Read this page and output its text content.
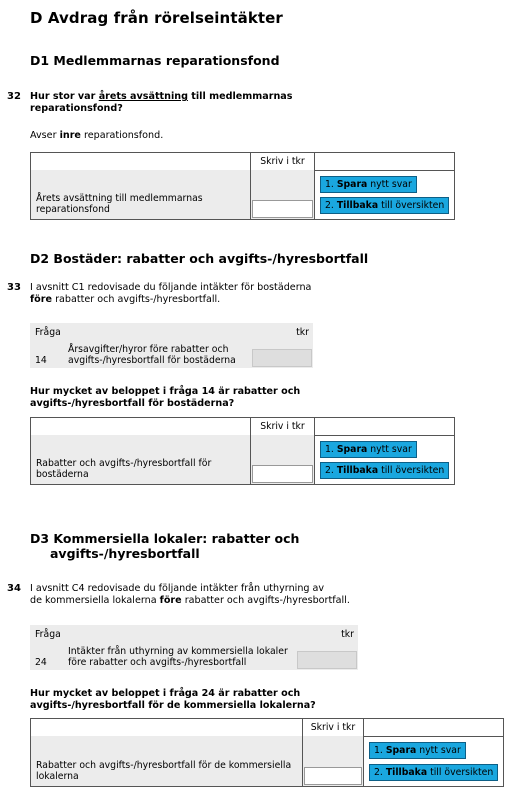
D Avdrag från rörelseintäkter
D1 Medlemmarnas reparationsfond
32 Hur stor var årets avsättning till medlemmarnas
reparationsfond?
Avser inre reparationsfond.
Skriv i tkr
Årets avsättning till medlemmarnas
reparationsfond
1. Spara nytt svar
2. Tillbaka till översikten
D2 Bostäder: rabatter och avgifts-/hyresbortfall
33 I avsnitt C1 redovisade du följande intäkter för bostäderna
före rabatter och avgifts-/hyresbortfall.
Fråga	tkr
14
Årsavgifter/hyror före rabatter och
avgifts-/hyresbortfall för bostäderna
Hur mycket av beloppet i fråga 14 är rabatter och
avgifts-/hyresbortfall för bostäderna?
Skriv i tkr
Rabatter och avgifts-/hyresbortfall för
bostäderna
1. Spara nytt svar
2. Tillbaka till översikten
D3 Kommersiella lokaler: rabatter och
avgifts-/hyresbortfall
34 I avsnitt C4 redovisade du följande intäkter från uthyrning av
de kommersiella lokalerna före rabatter och avgifts-/hyresbortfall.
Fråga	tkr
24
Intäkter från uthyrning av kommersiella lokaler
före rabatter och avgifts-/hyresbortfall
Hur mycket av beloppet i fråga 24 är rabatter och
avgifts-/hyresbortfall för de kommersiella lokalerna?
Skriv i tkr
Rabatter och avgifts-/hyresbortfall för de kommersiella
lokalerna
1. Spara nytt svar
2. Tillbaka till översikten
